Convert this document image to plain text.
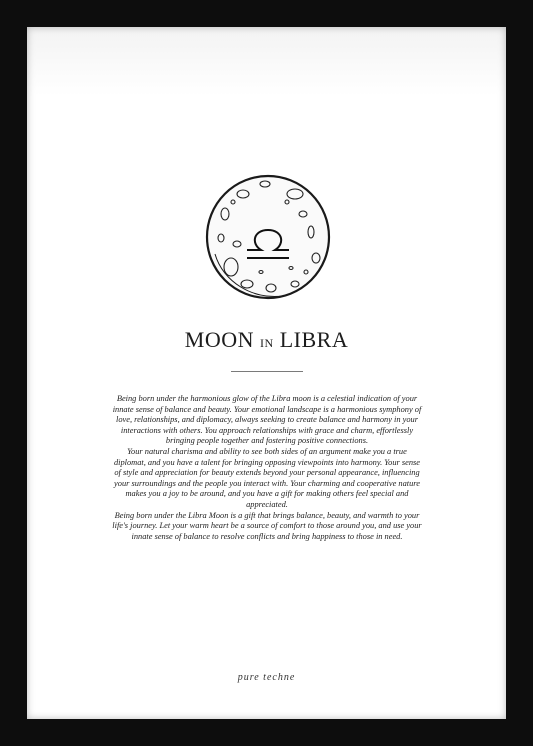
MOON IN LIBRA

Being born under the harmonious glow of the Libra moon is a celestial indication of your innate sense of balance and beauty. Your emotional landscape is a harmonious symphony of love, relationships, and diplomacy, always seeking to create balance and harmony in your interactions with others. You approach relationships with grace and charm, effortlessly bringing people together and fostering positive connections.

Your natural charisma and ability to see both sides of an argument make you a true diplomat, and you have a talent for bringing opposing viewpoints into harmony. Your sense of style and appreciation for beauty extends beyond your personal appearance, influencing your surroundings and the people you interact with. Your charming and cooperative nature makes you a joy to be around, and you have a gift for making others feel special and appreciated.

Being born under the Libra Moon is a gift that brings balance, beauty, and warmth to your life's journey. Let your warm heart be a source of comfort to those around you, and use your innate sense of balance to resolve conflicts and bring happiness to those in need.

pure techne
